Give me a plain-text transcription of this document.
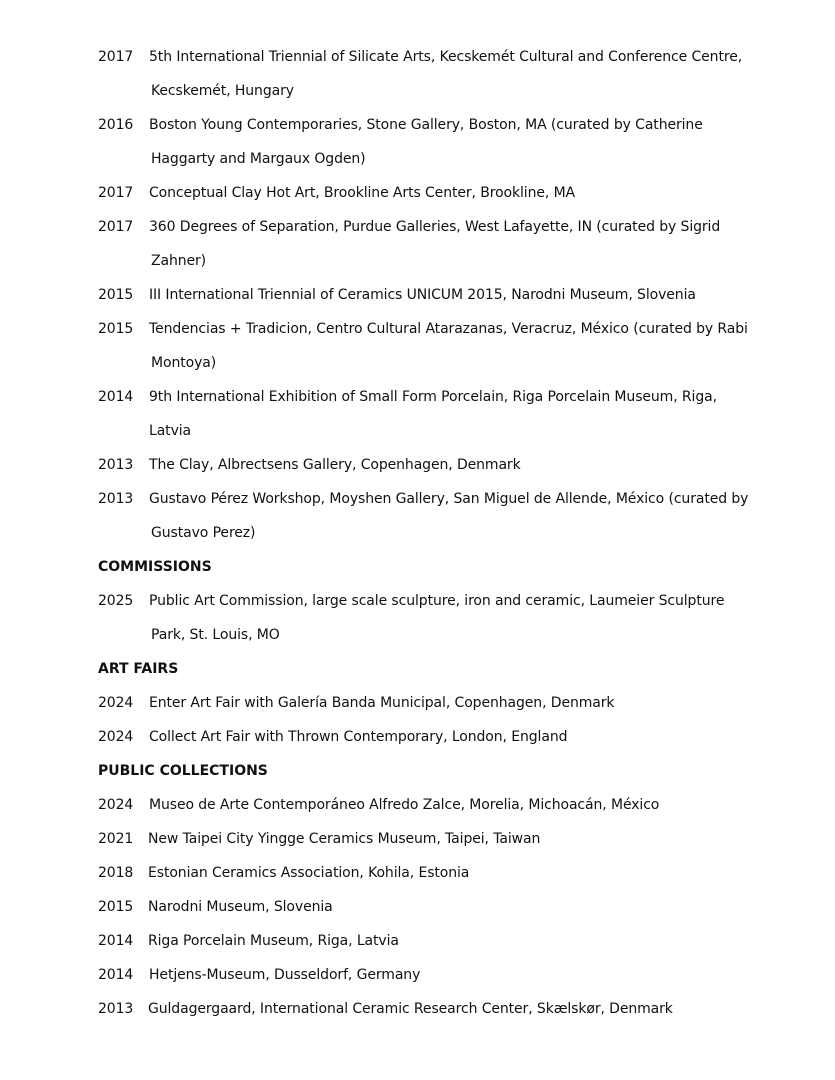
2017	5th International Triennial of Silicate Arts, Kecskemét Cultural and Conference Centre,
Kecskemét, Hungary
2016	Boston Young Contemporaries, Stone Gallery, Boston, MA (curated by Catherine
Haggarty and Margaux Ogden)
2017	Conceptual Clay Hot Art, Brookline Arts Center, Brookline, MA
2017	360 Degrees of Separation, Purdue Galleries, West Lafayette, IN (curated by Sigrid
Zahner)
2015	III International Triennial of Ceramics UNICUM 2015, Narodni Museum, Slovenia
2015	Tendencias + Tradicion, Centro Cultural Atarazanas, Veracruz, México (curated by Rabi
Montoya)
2014	9th International Exhibition of Small Form Porcelain, Riga Porcelain Museum, Riga,
Latvia
2013	The Clay, Albrectsens Gallery, Copenhagen, Denmark
2013	Gustavo Pérez Workshop, Moyshen Gallery, San Miguel de Allende, México (curated by
Gustavo Perez)
COMMISSIONS
2025	Public Art Commission, large scale sculpture, iron and ceramic, Laumeier Sculpture
Park, St. Louis, MO
ART FAIRS
2024	Enter Art Fair with Galería Banda Municipal, Copenhagen, Denmark
2024	Collect Art Fair with Thrown Contemporary, London, England
PUBLIC COLLECTIONS
2024	Museo de Arte Contemporáneo Alfredo Zalce, Morelia, Michoacán, México
2021	New Taipei City Yingge Ceramics Museum, Taipei, Taiwan
2018	Estonian Ceramics Association, Kohila, Estonia
2015	Narodni Museum, Slovenia
2014	Riga Porcelain Museum, Riga, Latvia
2014	Hetjens-Museum, Dusseldorf, Germany
2013	Guldagergaard, International Ceramic Research Center, Skælskør, Denmark
